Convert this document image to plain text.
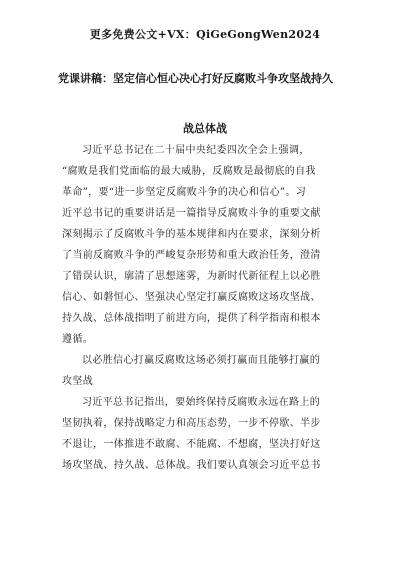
更多免费公文+VX：QiGeGongWen2024
党课讲稿：坚定信心恒心决心打好反腐败斗争攻坚战持久
战总体战
习近平总书记在二十届中央纪委四次全会上强调，
“腐败是我们党面临的最大威胁，反腐败是最彻底的自我
革命”，要“进一步坚定反腐败斗争的决心和信心”。习
近平总书记的重要讲话是一篇指导反腐败斗争的重要文献
深刻揭示了反腐败斗争的基本规律和内在要求，深刻分析
了当前反腐败斗争的严峻复杂形势和重大政治任务，澄清
了错误认识，廓清了思想迷雾，为新时代新征程上以必胜
信心、如磐恒心、坚强决心坚定打赢反腐败这场攻坚战、
持久战、总体战指明了前进方向，提供了科学指南和根本
遵循。
以必胜信心打赢反腐败这场必须打赢而且能够打赢的
攻坚战
习近平总书记指出，要始终保持反腐败永远在路上的
坚韧执着，保持战略定力和高压态势，一步不停歇、半步
不退让，一体推进不敢腐、不能腐、不想腐，坚决打好这
场攻坚战、持久战、总体战。我们要认真领会习近平总书
